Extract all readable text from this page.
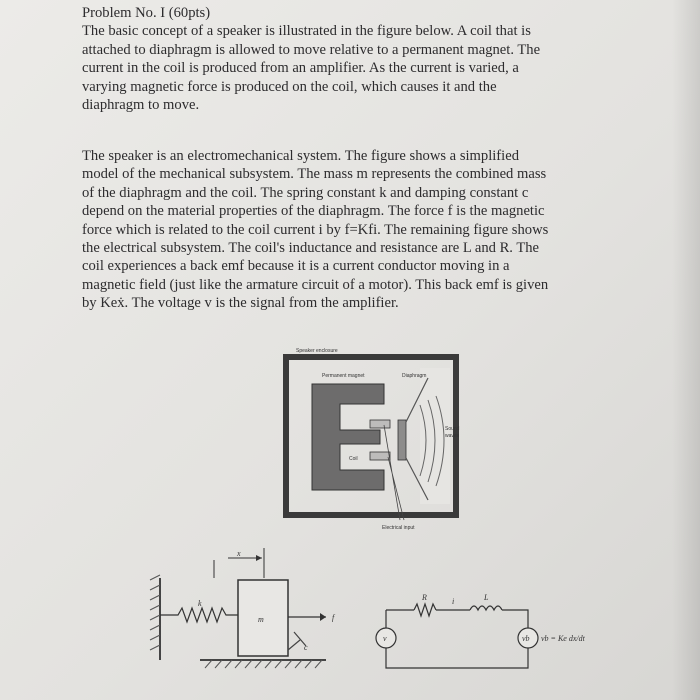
Problem No. I (60pts)
The basic concept of a speaker is illustrated in the figure below. A coil that is
attached to diaphragm is allowed to move relative to a permanent magnet. The
current in the coil is produced from an amplifier. As the current is varied, a
varying magnetic force is produced on the coil, which causes it and the
diaphragm to move.
The speaker is an electromechanical system. The figure shows a simplified
model of the mechanical subsystem. The mass m represents the combined mass
of the diaphragm and the coil. The spring constant k and damping constant c
depend on the material properties of the diaphragm. The force f is the magnetic
force which is related to the coil current i by f=Kfi. The remaining figure shows
the electrical subsystem. The coil's inductance and resistance are L and R. The
coil experiences a back emf because it is a current conductor moving in a
magnetic field (just like the armature circuit of a motor). This back emf is given
by Keẋ. The voltage v is the signal from the amplifier.
Speaker enclosure
Permanent magnet	Diaphragm
Sound
waves
Coil
Electrical input
x
k
m	f
c
R	i	L
v	vb vb = Ke dx/dt
